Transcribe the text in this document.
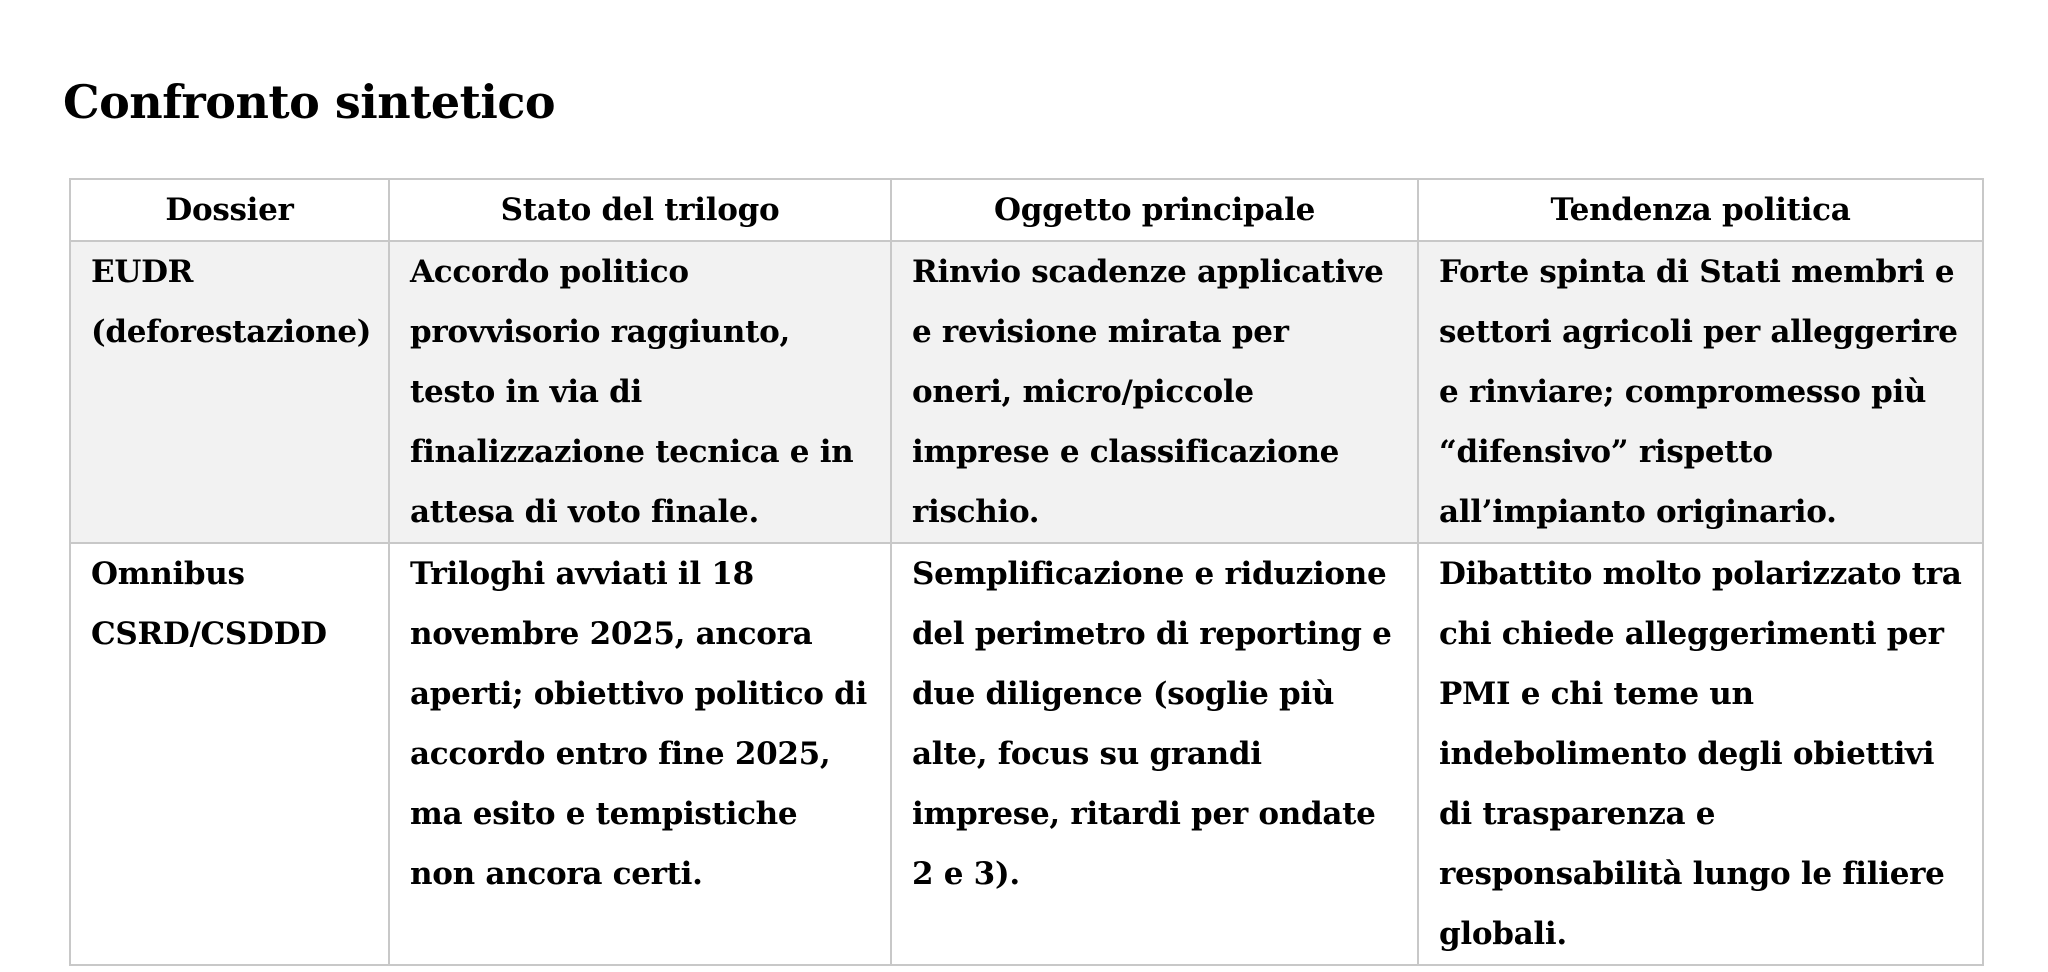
Confronto sintetico
Dossier	Stato del trilogo	Oggetto principale	Tendenza politica
EUDR (deforestazione)	Accordo politico provvisorio raggiunto, testo in via di finalizzazione tecnica e in attesa di voto finale.	Rinvio scadenze applicative e revisione mirata per oneri, micro/piccole imprese e classificazione rischio.	Forte spinta di Stati membri e settori agricoli per alleggerire e rinviare; compromesso più “difensivo” rispetto all’impianto originario.
Omnibus CSRD/CSDDD	Triloghi avviati il 18 novembre 2025, ancora aperti; obiettivo politico di accordo entro fine 2025, ma esito e tempistiche non ancora certi.	Semplificazione e riduzione del perimetro di reporting e due diligence (soglie più alte, focus su grandi imprese, ritardi per ondate 2 e 3).	Dibattito molto polarizzato tra chi chiede alleggerimenti per PMI e chi teme un indebolimento degli obiettivi di trasparenza e responsabilità lungo le filiere globali.
